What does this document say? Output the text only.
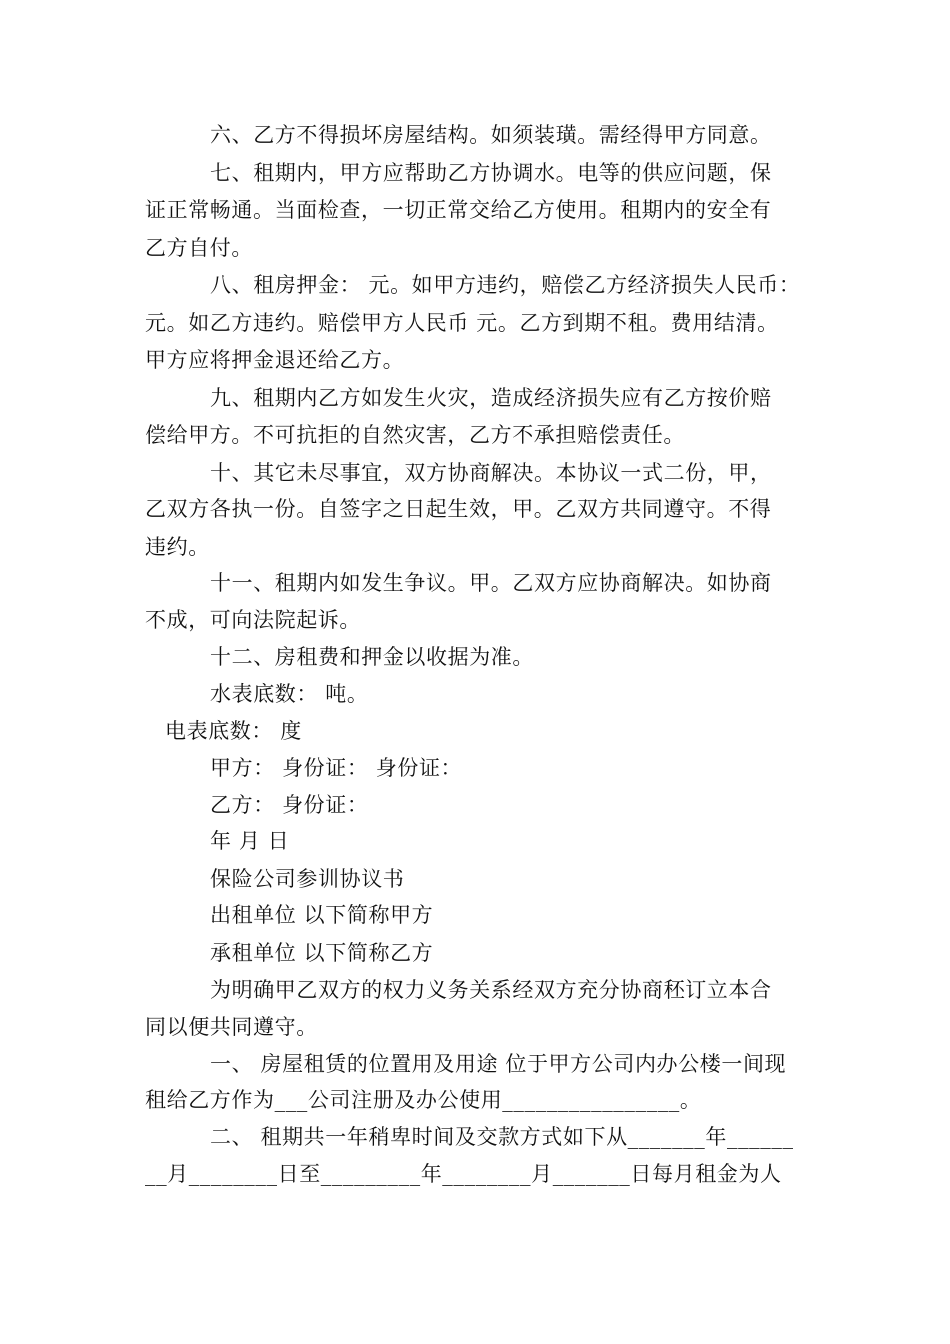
六、乙方不得损坏房屋结构。如须装璜。需经得甲方同意。
七、租期内，甲方应帮助乙方协调水。电等的供应问题，保
证正常畅通。当面检查，一切正常交给乙方使用。租期内的安全有
乙方自付。
八、租房押金： 元。如甲方违约，赔偿乙方经济损失人民币：
元。如乙方违约。赔偿甲方人民币 元。乙方到期不租。费用结清。
甲方应将押金退还给乙方。
九、租期内乙方如发生火灾，造成经济损失应有乙方按价赔
偿给甲方。不可抗拒的自然灾害，乙方不承担赔偿责任。
十、其它未尽事宜，双方协商解决。本协议一式二份，甲，
乙双方各执一份。自签字之日起生效，甲。乙双方共同遵守。不得
违约。
十一、租期内如发生争议。甲。乙双方应协商解决。如协商
不成，可向法院起诉。
十二、房租费和押金以收据为准。
水表底数： 吨。
电表底数： 度
甲方： 身份证： 身份证：
乙方： 身份证：
年 月 日
保险公司参训协议书
出租单位 以下简称甲方
承租单位 以下简称乙方
为明确甲乙双方的权力义务关系经双方充分协商秠订立本合
同以便共同遵守。
一、 房屋租赁的位置用及用途 位于甲方公司内办公楼一间现
租给乙方作为___公司注册及办公使用________________。
二、 租期共一年稍卑时间及交款方式如下从_______年______
__月________日至_________年________月_______日每月租金为人
